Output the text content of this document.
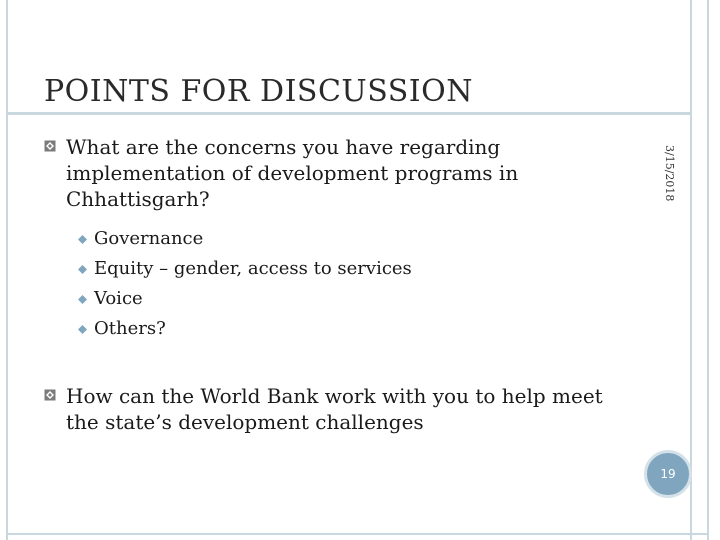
POINTS FOR DISCUSSION
3/15/2018
What are the concerns you have regarding implementation of development programs in Chhattisgarh?
Governance
Equity – gender, access to services
Voice
Others?
How can the World Bank work with you to help meet the state’s development challenges
19
